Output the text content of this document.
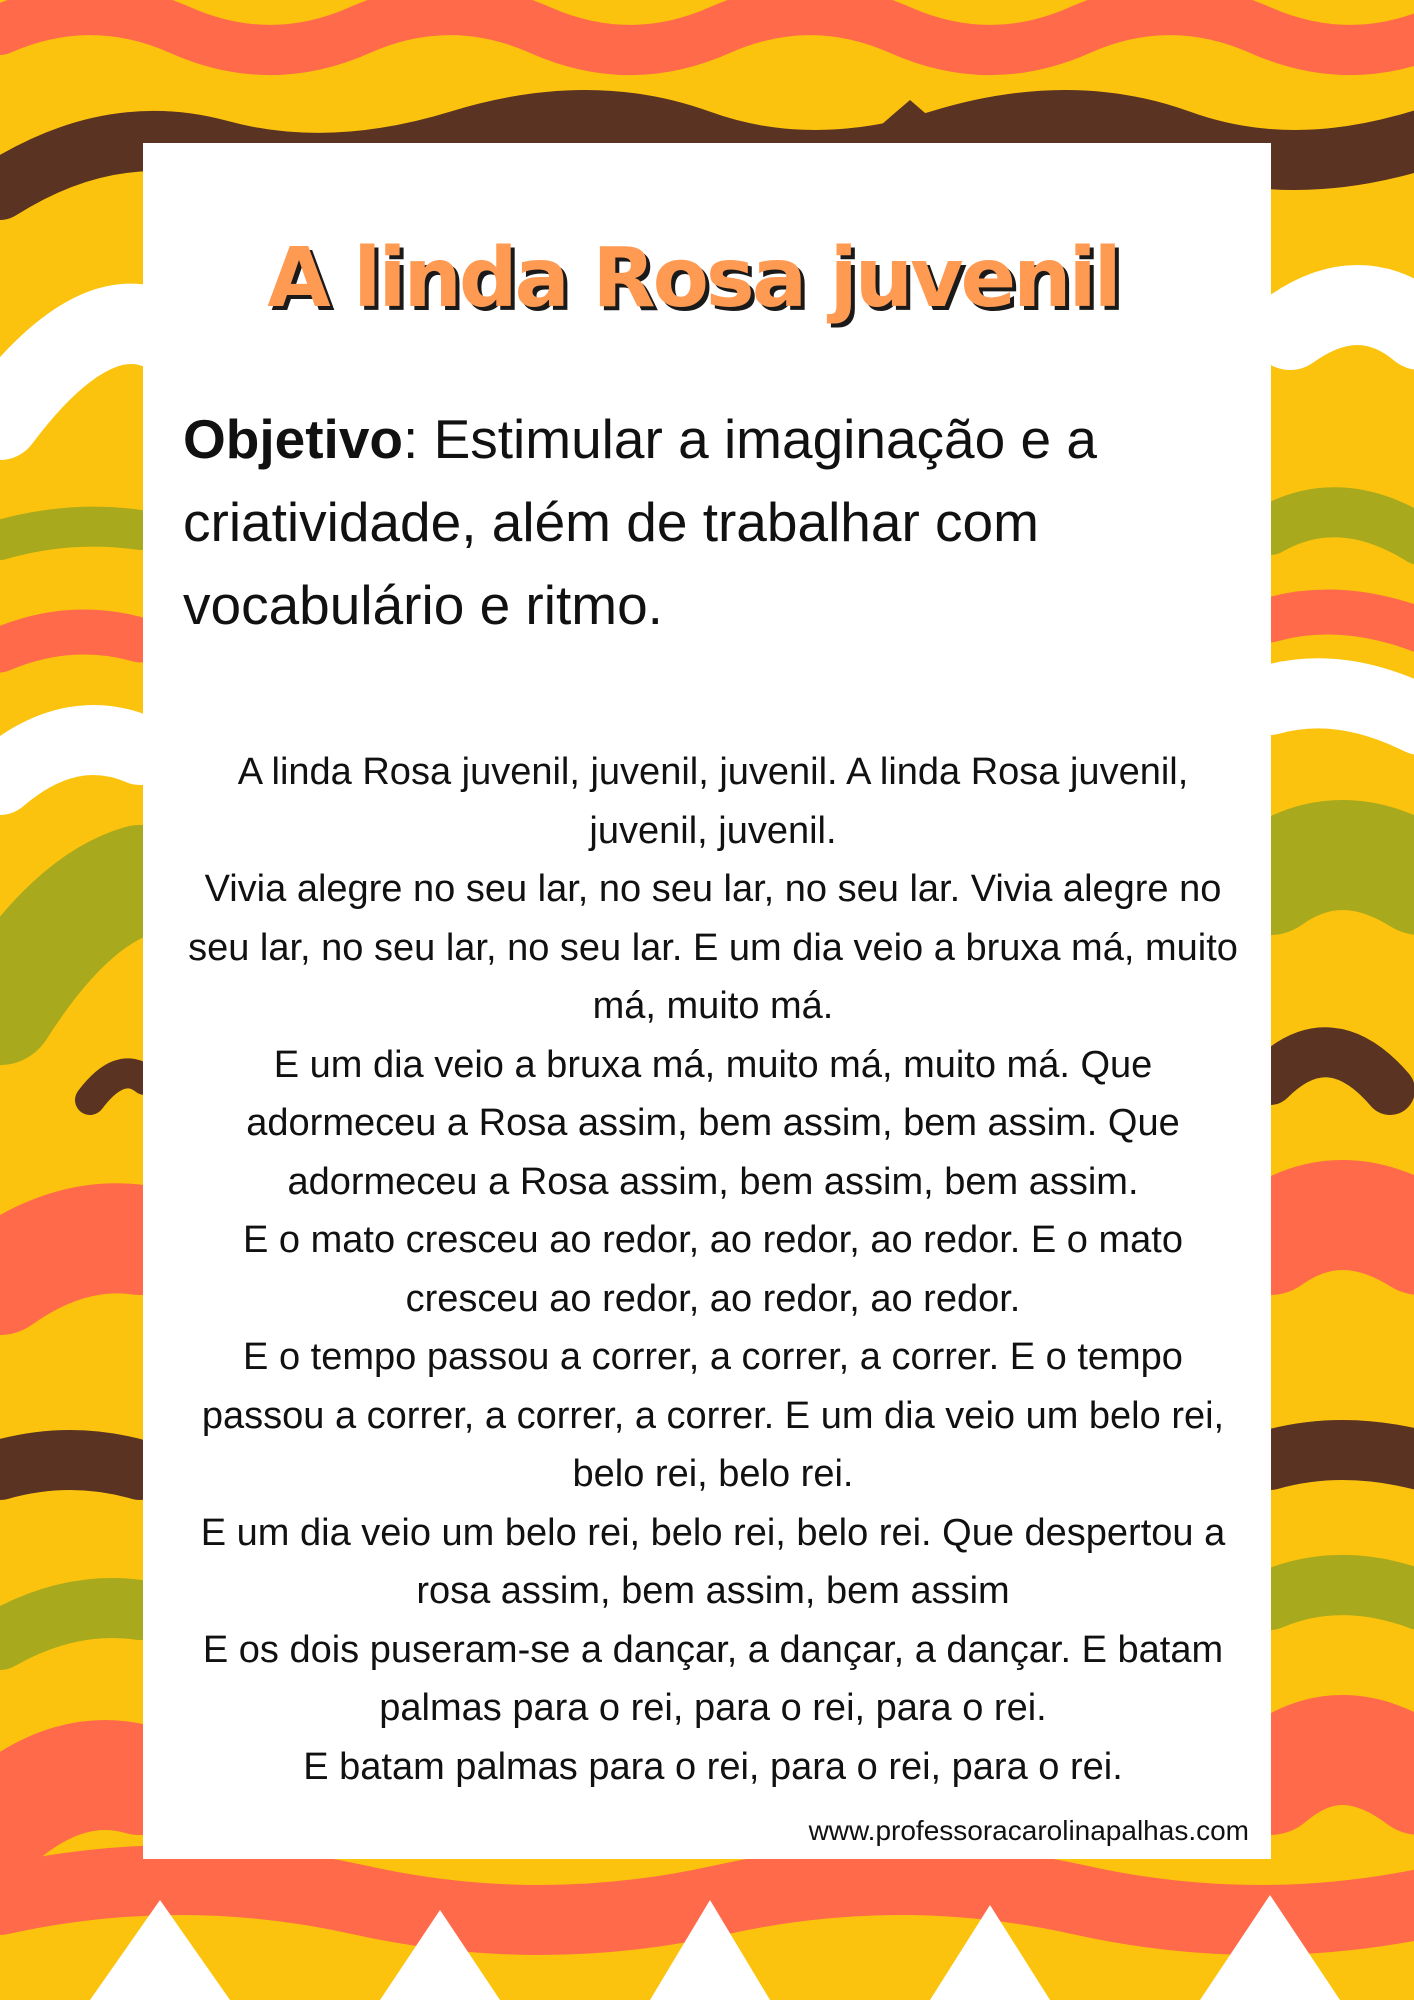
A linda Rosa juvenil

Objetivo: Estimular a imaginação e a criatividade, além de trabalhar com vocabulário e ritmo.

A linda Rosa juvenil, juvenil, juvenil. A linda Rosa juvenil, juvenil, juvenil.
Vivia alegre no seu lar, no seu lar, no seu lar. Vivia alegre no seu lar, no seu lar, no seu lar. E um dia veio a bruxa má, muito má, muito má.
E um dia veio a bruxa má, muito má, muito má. Que adormeceu a Rosa assim, bem assim, bem assim. Que adormeceu a Rosa assim, bem assim, bem assim.
E o mato cresceu ao redor, ao redor, ao redor. E o mato cresceu ao redor, ao redor, ao redor.
E o tempo passou a correr, a correr, a correr. E o tempo passou a correr, a correr, a correr. E um dia veio um belo rei, belo rei, belo rei.
E um dia veio um belo rei, belo rei, belo rei. Que despertou a rosa assim, bem assim, bem assim
E os dois puseram-se a dançar, a dançar, a dançar. E batam palmas para o rei, para o rei, para o rei.
E batam palmas para o rei, para o rei, para o rei.
www.professoracarolinapalhas.com
